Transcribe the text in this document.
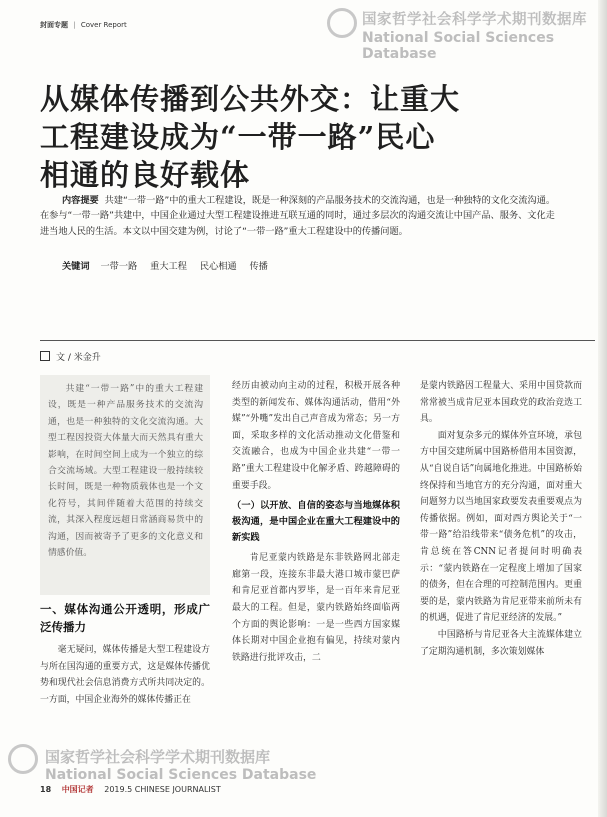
封面专题 | Cover Report	国家哲学社会科学学术期刊数据库
National Social Sciences Database
从媒体传播到公共外交：让重大
工程建设成为“一带一路”民心
相通的良好载体
内容提要 共建“一带一路”中的重大工程建设，既是一种深刻的产品服务技术的交流沟通，也是一种独特的文化交流沟通。在参与“一带一路”共建中，中国企业通过大型工程建设推进互联互通的同时，通过多层次的沟通交流让中国产品、服务、文化走进当地人民的生活。本文以中国交建为例，讨论了“一带一路”重大工程建设中的传播问题。
关键词 一带一路 重大工程 民心相通 传播
文 / 米金升

共建“一带一路”中的重大工程建设，既是一种产品服务技术的交流沟通，也是一种独特的文化交流沟通。大型工程因投资大体量大而天然具有重大影响，在时间空间上成为一个独立的综合交流场域。大型工程建设一般持续较长时间，既是一种物质载体也是一个文化符号，其间伴随着大范围的持续交流，其深入程度远超日常涵商易货中的沟通，因而被寄予了更多的文化意义和情感价值。

一、媒体沟通公开透明，形成广泛传播力

毫无疑问，媒体传播是大型工程建设方与所在国沟通的重要方式，这是媒体传播优势和现代社会信息消费方式所共同决定的。一方面，中国企业海外的媒体传播正在

经历由被动向主动的过程，积极开展各种类型的新闻发布、媒体沟通活动，借用“外媒”“外嘴”发出自己声音成为常态；另一方面，采取多样的文化活动推动文化借鉴和交流融合，也成为中国企业共建“一带一路”重大工程建设中化解矛盾、跨越障碍的重要手段。

（一）以开放、自信的姿态与当地媒体积极沟通，是中国企业在重大工程建设中的新实践

肯尼亚蒙内铁路是东非铁路网北部走廊第一段，连接东非最大港口城市蒙巴萨和肯尼亚首都内罗毕，是一百年来肯尼亚最大的工程。但是，蒙内铁路始终面临两个方面的舆论影响：一是一些西方国家媒体长期对中国企业抱有偏见，持续对蒙内铁路进行批评攻击，二

是蒙内铁路因工程量大、采用中国贷款而常常被当成肯尼亚本国政党的政治竞选工具。

面对复杂多元的媒体外宣环境，承包方中国交建所属中国路桥借用本国资源，从“自说自话”向属地化推进。中国路桥始终保持和当地官方的充分沟通，面对重大问题努力以当地国家政要发表重要观点为传播依据。例如，面对西方舆论关于“一带一路”给沿线带来“债务危机”的攻击，肯总统在答CNN记者提问时明确表示：“蒙内铁路在一定程度上增加了国家的债务，但在合理的可控制范围内。更重要的是，蒙内铁路为肯尼亚带来前所未有的机遇，促进了肯尼亚经济的发展。”

中国路桥与肯尼亚各大主流媒体建立了定期沟通机制，多次策划媒体

国家哲学社会科学学术期刊数据库
National Social Sciences Database
18 中国记者 2019.5 CHINESE JOURNALIST
